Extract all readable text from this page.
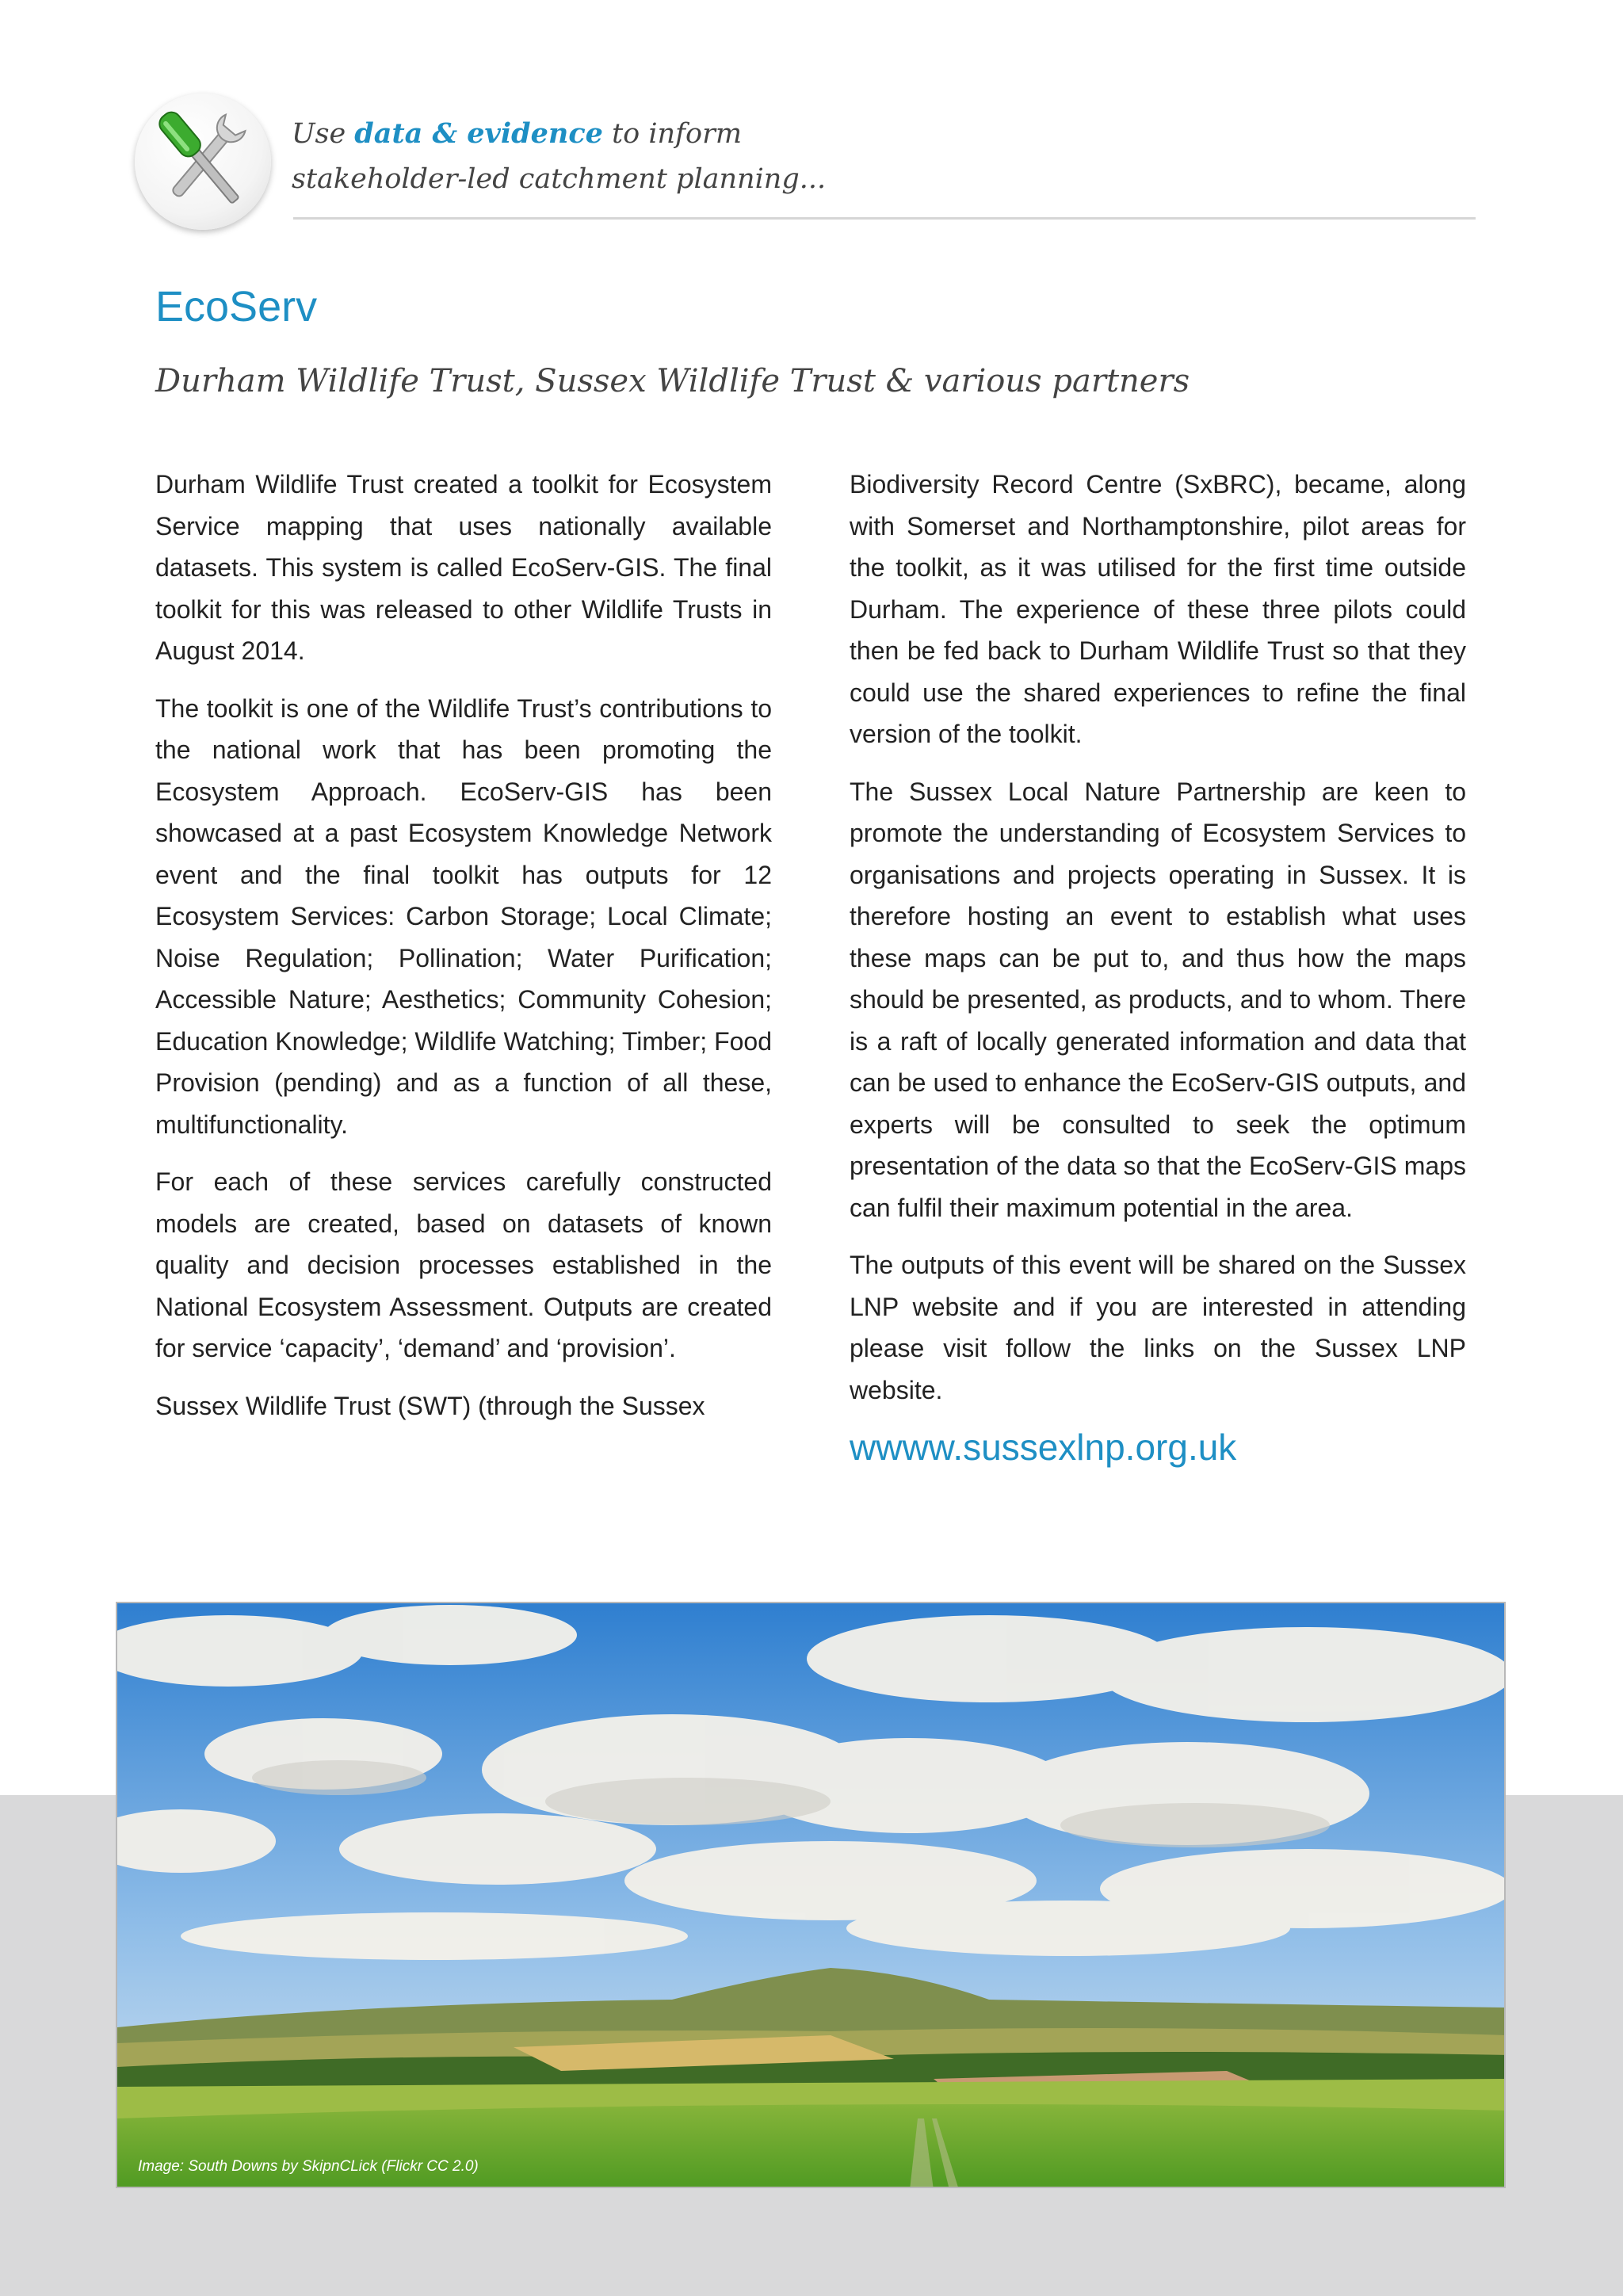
Use data & evidence to inform
stakeholder-led catchment planning...
EcoServ
Durham Wildlife Trust, Sussex Wildlife Trust & various partners

Durham Wildlife Trust created a toolkit for Ecosystem Service mapping that uses nationally available datasets. This system is called EcoServ-GIS. The final toolkit for this was released to other Wildlife Trusts in August 2014.

The toolkit is one of the Wildlife Trust’s contributions to the national work that has been promoting the Ecosystem Approach. EcoServ-GIS has been showcased at a past Ecosystem Knowledge Network event and the final toolkit has outputs for 12 Ecosystem Services: Carbon Storage; Local Climate; Noise Regulation; Pollination; Water Purification; Accessible Nature; Aesthetics; Community Cohesion; Education Knowledge; Wildlife Watching; Timber; Food Provision (pending) and as a function of all these, multifunctionality.

For each of these services carefully constructed models are created, based on datasets of known quality and decision processes established in the National Ecosystem Assessment. Outputs are created for service ‘capacity’, ‘demand’ and ‘provision’.

Sussex Wildlife Trust (SWT) (through the Sussex

Biodiversity Record Centre (SxBRC), became, along with Somerset and Northamptonshire, pilot areas for the toolkit, as it was utilised for the first time outside Durham. The experience of these three pilots could then be fed back to Durham Wildlife Trust so that they could use the shared experiences to refine the final version of the toolkit.

The Sussex Local Nature Partnership are keen to promote the understanding of Ecosystem Services to organisations and projects operating in Sussex. It is therefore hosting an event to establish what uses these maps can be put to, and thus how the maps should be presented, as products, and to whom. There is a raft of locally generated information and data that can be used to enhance the EcoServ-GIS outputs, and experts will be consulted to seek the optimum presentation of the data so that the EcoServ-GIS maps can fulfil their maximum potential in the area.

The outputs of this event will be shared on the Sussex LNP website and if you are interested in attending please visit follow the links on the Sussex LNP website.

wwww.sussexlnp.org.uk
Image: South Downs by SkipnCLick (Flickr CC 2.0)
